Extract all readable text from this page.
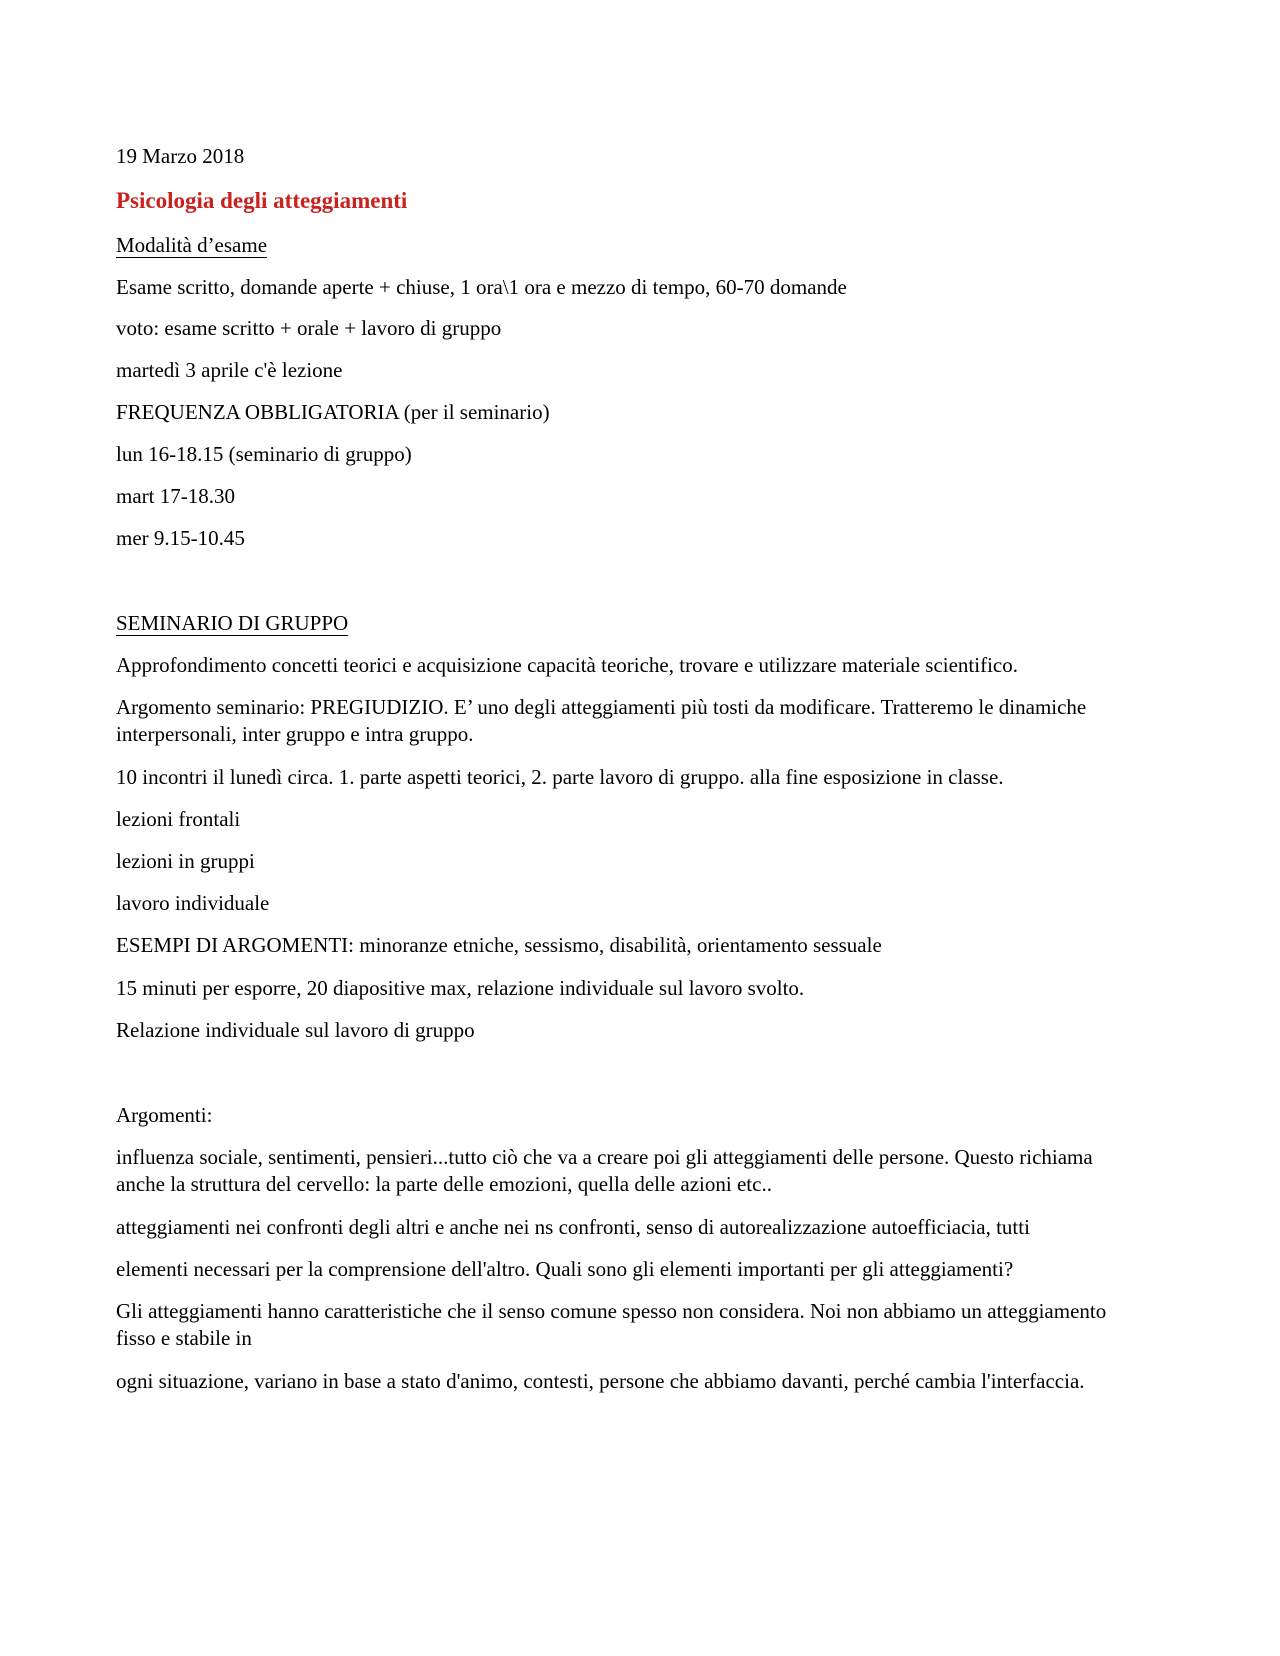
19 Marzo 2018
Psicologia degli atteggiamenti
Modalità d’esame
Esame scritto, domande aperte + chiuse, 1 ora\1 ora e mezzo di tempo, 60-70 domande
voto: esame scritto + orale + lavoro di gruppo
martedì 3 aprile c'è lezione
FREQUENZA OBBLIGATORIA (per il seminario)
lun 16-18.15 (seminario di gruppo)
mart 17-18.30
mer 9.15-10.45
SEMINARIO DI GRUPPO
Approfondimento concetti teorici e acquisizione capacità teoriche, trovare e utilizzare materiale scientifico.
Argomento seminario: PREGIUDIZIO. E’ uno degli atteggiamenti più tosti da modificare. Tratteremo le dinamiche interpersonali, inter gruppo e intra gruppo.
10 incontri il lunedì circa. 1. parte aspetti teorici, 2. parte lavoro di gruppo. alla fine esposizione in classe.
lezioni frontali
lezioni in gruppi
lavoro individuale
ESEMPI DI ARGOMENTI: minoranze etniche, sessismo, disabilità, orientamento sessuale
15 minuti per esporre, 20 diapositive max, relazione individuale sul lavoro svolto.
Relazione individuale sul lavoro di gruppo
Argomenti:
influenza sociale, sentimenti, pensieri...tutto ciò che va a creare poi gli atteggiamenti delle persone. Questo richiama anche la struttura del cervello: la parte delle emozioni, quella delle azioni etc..
atteggiamenti nei confronti degli altri e anche nei ns confronti, senso di autorealizzazione autoefficiacia, tutti
elementi necessari per la comprensione dell'altro. Quali sono gli elementi importanti per gli atteggiamenti?
Gli atteggiamenti hanno caratteristiche che il senso comune spesso non considera. Noi non abbiamo un atteggiamento fisso e stabile in
ogni situazione, variano in base a stato d'animo, contesti, persone che abbiamo davanti, perché cambia l'interfaccia.
